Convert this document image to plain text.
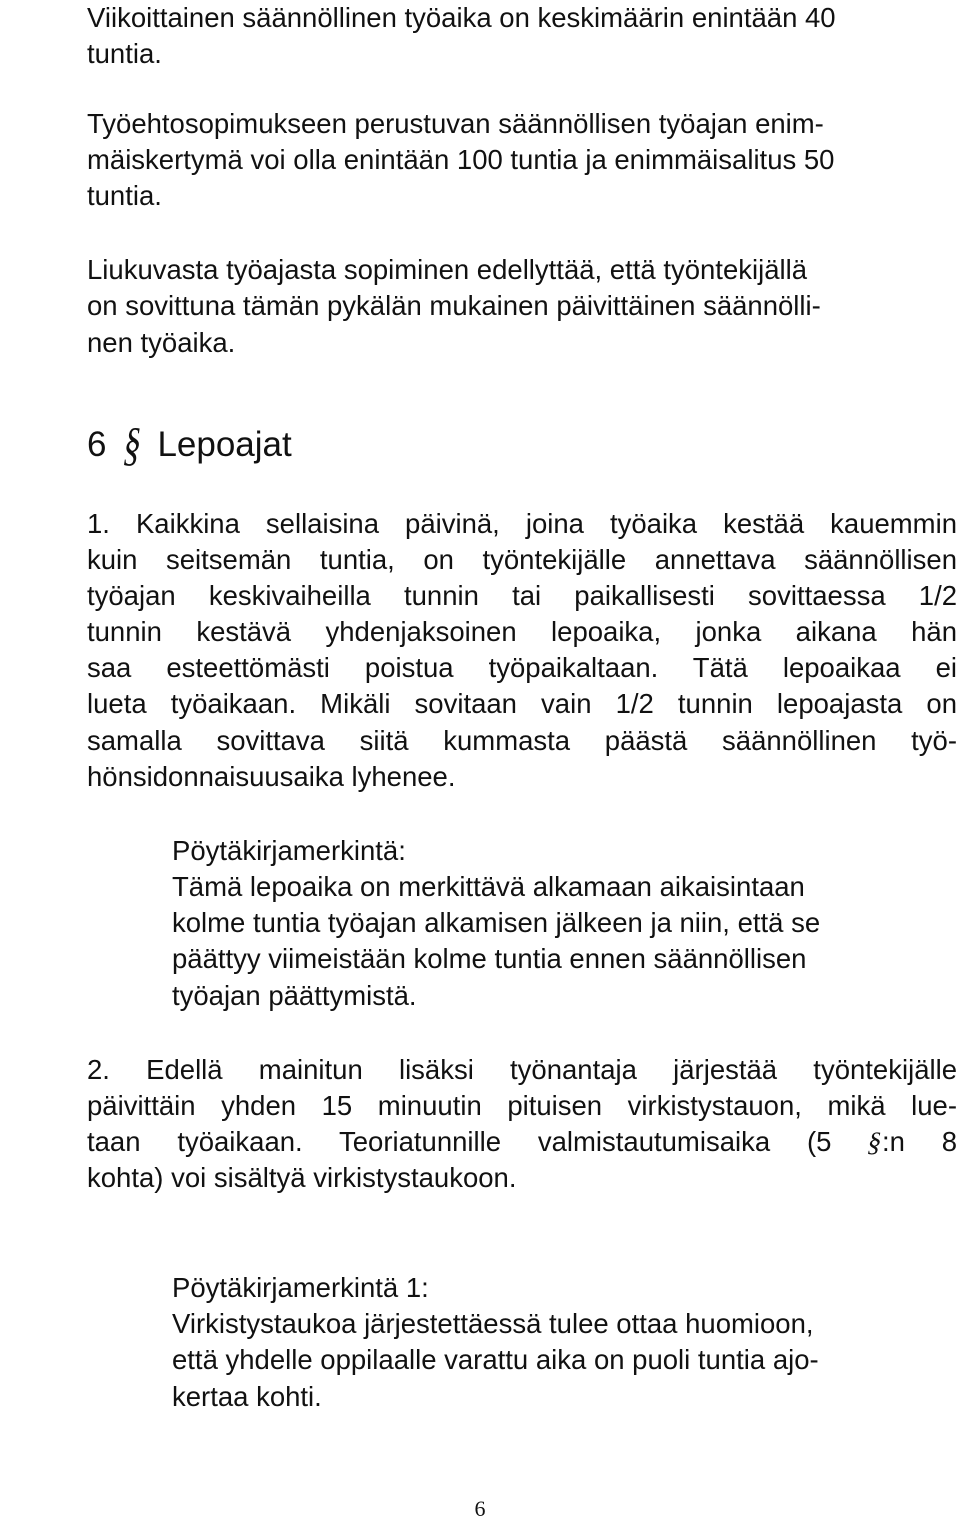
Viikoittainen säännöllinen työaika on keskimäärin enintään 40
tuntia.
Työehtosopimukseen perustuvan säännöllisen työajan enim-
mäiskertymä voi olla enintään 100 tuntia ja enimmäisalitus 50
tuntia.
Liukuvasta työajasta sopiminen edellyttää, että työntekijällä
on sovittuna tämän pykälän mukainen päivittäinen säännölli-
nen työaika.
6 § Lepoajat
1. Kaikkina sellaisina päivinä, joina työaika kestää kauemmin
kuin seitsemän tuntia, on työntekijälle annettava säännöllisen
työajan keskivaiheilla tunnin tai paikallisesti sovittaessa 1/2
tunnin kestävä yhdenjaksoinen lepoaika, jonka aikana hän
saa esteettömästi poistua työpaikaltaan. Tätä lepoaikaa ei
lueta työaikaan. Mikäli sovitaan vain 1/2 tunnin lepoajasta on
samalla sovittava siitä kummasta päästä säännöllinen työ-
hönsidonnaisuusaika lyhenee.
Pöytäkirjamerkintä:
Tämä lepoaika on merkittävä alkamaan aikaisintaan
kolme tuntia työajan alkamisen jälkeen ja niin, että se
päättyy viimeistään kolme tuntia ennen säännöllisen
työajan päättymistä.
2. Edellä mainitun lisäksi työnantaja järjestää työntekijälle
päivittäin yhden 15 minuutin pituisen virkistystauon, mikä lue-
taan työaikaan. Teoriatunnille valmistautumisaika (5 §:n 8
kohta) voi sisältyä virkistystaukoon.
Pöytäkirjamerkintä 1:
Virkistystaukoa järjestettäessä tulee ottaa huomioon,
että yhdelle oppilaalle varattu aika on puoli tuntia ajo-
kertaa kohti.
6
